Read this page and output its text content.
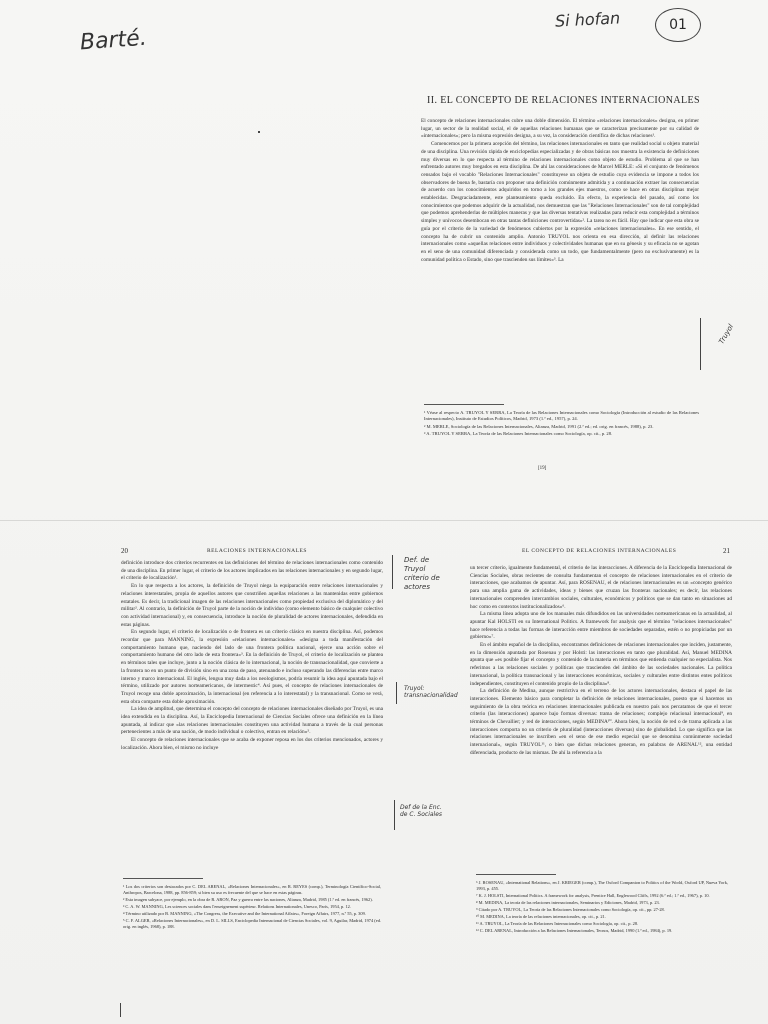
Barté.
Si hofan	01
II. EL CONCEPTO DE RELACIONES INTERNACIONALES

El concepto de relaciones internacionales cubre una doble dimensión. El término «relaciones internacionales» designa, en primer lugar, un sector de la realidad social, el de aquellas relaciones humanas que se caracterizan precisamente por su calidad de «internacionales»; pero la misma expresión designa, a su vez, la consideración científica de dichas relaciones¹.

Comencemos por la primera acepción del término, las relaciones internacionales en tanto que realidad social u objeto material de una disciplina. Una revisión rápida de enciclopedias especializadas y de obras básicas nos muestra la existencia de definiciones muy diversas en lo que respecta al término de relaciones internacionales como objeto de estudio. Problema al que se han enfrentado autores muy bregados en esta disciplina. De ahí las consideraciones de Marcel MERLE: «Si el conjunto de fenómenos censados bajo el vocablo "Relaciones Internacionales" constituyese un objeto de estudio cuya evidencia se impone a todos los observadores de buena fe, bastaría con proponer una definición comúnmente admitida y a continuación extraer las consecuencias de acuerdo con los conocimientos adquiridos en torno a los grandes ejes maestros, como se hace en otras disciplinas mejor establecidas. Desgraciadamente, este planteamiento queda excluido. En efecto, la experiencia del pasado, así como los conocimientos que podemos adquirir de la actualidad, nos demuestran que las "Relaciones Internacionales" son de tal complejidad que podemos aprehenderlas de múltiples maneras y que las diversas tentativas realizadas para reducir esta complejidad a términos simples y unívocos desembocan en otras tantas definiciones controvertidas»². La tarea no es fácil. Hay que indicar que esta obra se guía por el criterio de la variedad de fenómenos cubiertos por la expresión «relaciones internacionales». En ese sentido, el concepto ha de cubrir un contenido amplio. Antonio TRUYOL nos orienta en esa dirección, al definir las relaciones internacionales como «aquellas relaciones entre individuos y colectividades humanas que en su génesis y su eficacia no se agotan en el seno de una comunidad diferenciada y considerada como un todo, que fundamentalmente (pero no exclusivamente) es la comunidad política o Estado, sino que trascienden sus límites»³. La

Truyol

¹ Véase al respecto A. TRUYOL Y SERRA, La Teoría de las Relaciones Internacionales como Sociología (Introducción al estudio de las Relaciones Internacionales), Instituto de Estudios Políticos, Madrid, 1973 (1.ª ed., 1957), p. 24.

² M. MERLE, Sociología de las Relaciones Internacionales, Alianza, Madrid, 1991 (2.ª ed.; ed. orig. en francés, 1988), p. 23.

³ A. TRUYOL Y SERRA, La Teoría de las Relaciones Internacionales como Sociología, op. cit., p. 28.

[19]
20	RELACIONES INTERNACIONALES

definición introduce dos criterios recurrentes en las definiciones del término de relaciones internacionales como contenido de una disciplina. En primer lugar, el criterio de los actores implicados en las relaciones internacionales y en segundo lugar, el criterio de localización¹.

En lo que respecta a los actores, la definición de Truyol niega la equiparación entre relaciones internacionales y relaciones interestatales, propia de aquellos autores que constriñen aquellas relaciones a las mantenidas entre gobiernos estatales. Es decir, la tradicional imagen de las relaciones internacionales como propiedad exclusiva del diplomático y del militar². Al contrario, la definición de Truyol parte de la noción de individuo (como elemento básico de cualquier colectivo con actividad internacional) y, en consecuencia, introduce la noción de pluralidad de actores internacionales, defendida en estas páginas.

En segundo lugar, el criterio de localización o de frontera es un criterio clásico en nuestra disciplina. Así, podemos recordar que para MANNING, la expresión «relaciones internacionales» «designa a toda manifestación del comportamiento humano que, naciendo del lado de una frontera política nacional, ejerce una acción sobre el comportamiento humano del otro lado de esta frontera»³. En la definición de Truyol, el criterio de localización se plantea en términos tales que incluye, junto a la noción clásica de lo internacional, la noción de transnacionalidad, que convierte a la frontera no en un punto de división sino en una zona de paso, atenuando e incluso superando las diferencias entre marco interno y marco internacional. El inglés, lengua muy dada a los neologismos, podría resumir la idea aquí apuntada bajo el término, utilizado por autores norteamericanos, de intermestic⁴. Así pues, el concepto de relaciones internacionales de Truyol recoge una doble aproximación, la internacional (en referencia a lo interestatal) y la transnacional. Como se verá, esta obra comparte esta doble aproximación.

La idea de amplitud, que determina el concepto del concepto de relaciones internacionales diseñado por Truyol, es una idea extendida en la disciplina. Así, la Enciclopedia Internacional de Ciencias Sociales ofrece una definición en la línea apuntada, al indicar que «las relaciones internacionales constituyen una actividad humana a través de la cual personas pertenecientes a más de una nación, de modo individual o colectivo, entran en relación»⁵.

El concepto de relaciones internacionales que se acaba de exponer reposa en los dos criterios mencionados, actores y localización. Ahora bien, el mismo no incluye

¹ Los dos criterios son destacados por C. DEL ARENAL, «Relaciones Internacionales», en R. REYES (comp.), Terminología Científico-Social, Anthropos, Barcelona, 1988, pp. 856-859; si bien su uso es frecuente del que se hace en estas páginas.

² Esta imagen subyace, por ejemplo, en la obra de R. ARON, Paz y guerra entre las naciones, Alianza, Madrid, 1985 (1.ª ed. en francés, 1962).

³ C. A. W. MANNING, Les sciences sociales dans l'enseignement supérieur. Relations Internationales, Unesco, París, 1954, p. 12.

⁴ Término utilizado por B. MANNING, «The Congress, the Executive and the International Affairs», Foreign Affairs, 1977, n.º 55, p. 309.

⁵ C. F. ALGER, «Relaciones Internacionales», en D. L. SILLS, Enciclopedia Internacional de Ciencias Sociales, vol. 9, Aguilar, Madrid, 1974 (ed. orig. en inglés, 1968), p. 188.

Def. de Truyol criterio de actores
Truyol: transnacionalidad
Def de la Enc. de C. Sociales
EL CONCEPTO DE RELACIONES INTERNACIONALES	21

un tercer criterio, igualmente fundamental, el criterio de las interacciones. A diferencia de la Enciclopedia Internacional de Ciencias Sociales, obras recientes de consulta fundamentan el concepto de relaciones internacionales en el criterio de interacciones, que acabamos de apuntar. Así, para ROSENAU, el de relaciones internacionales es un «concepto genérico para una amplia gama de actividades, ideas y bienes que cruzan las fronteras nacionales; es decir, las relaciones internacionales comprenden intercambios sociales, culturales, económicos y políticos que se dan tanto en situaciones ad hoc como en contextos institucionalizados»⁶.

La misma línea adopta uno de los manuales más difundidos en las universidades norteamericanas en la actualidad, al apuntar Kal HOLSTI en su International Politics. A framework for analysis que el término "relaciones internacionales" hace referencia a todas las formas de interacción entre miembros de sociedades separadas, estén o no propiciadas por un gobierno»⁷.

En el ámbito español de la disciplina, encontramos definiciones de relaciones internacionales que inciden, justamente, en la dimensión apuntada por Rosenau y por Holsti: las interacciones en tanto que pluralidad. Así, Manuel MEDINA apunta que «es posible fijar el concepto y contenido de la materia en términos que entienda cualquier no especialista. Nos referimos a las relaciones sociales y políticas que trascienden del ámbito de las sociedades nacionales. La política internacional, la política transnacional y las interacciones económicas, sociales y culturales entre distintos entes políticos independientes, constituyen el contenido propio de la disciplina»⁸.

La definición de Medina, aunque restrictiva en el terreno de los actores internacionales, destaca el papel de las interacciones. Elemento básico para completar la definición de relaciones internacionales, puesto que si hacemos un seguimiento de la obra teórica en relaciones internacionales publicada en nuestro país nos percatamos de que el tercer criterio (las interacciones) aparece bajo formas diversas: trama de relaciones; complejo relacional internacional⁹, en términos de Chevallier; y red de interacciones, según MEDINA¹⁰. Ahora bien, la noción de red o de trama aplicada a las interacciones comporta no un criterio de pluralidad (interacciones diversas) sino de globalidad. Lo que significa que las relaciones internacionales se inscriben «en el seno de ese medio especial que se denomina comúnmente sociedad internacional», según TRUYOL¹¹, o bien que dichas relaciones generan, en palabras de ARENAL¹², una entidad diferenciada, producto de las mismas. De ahí la referencia a la

⁶ J. ROSENAU, «International Relations», en J. KRIEGER (comp.), The Oxford Companion to Politics of the World, Oxford UP, Nueva York, 1993, p. 455.

⁷ K. J. HOLSTI, International Politics. A framework for analysis, Prentice Hall, Englewood Cliffs, 1992 (6.ª ed.; 1.ª ed., 1967), p. 10.

⁸ M. MEDINA, La teoría de las relaciones internacionales, Seminarios y Ediciones, Madrid, 1973, p. 23.

⁹ Citado por A. TRUYOL, La Teoría de las Relaciones Internacionales como Sociología, op. cit., pp. 27-28.

¹⁰ M. MEDINA, La teoría de las relaciones internacionales, op. cit., p. 21.

¹¹ A. TRUYOL, La Teoría de las Relaciones Internacionales como Sociología, op. cit., p. 28.

¹² C. DEL ARENAL, Introducción a las Relaciones Internacionales, Tecnos, Madrid, 1990 (1.ª ed., 1984), p. 19.
